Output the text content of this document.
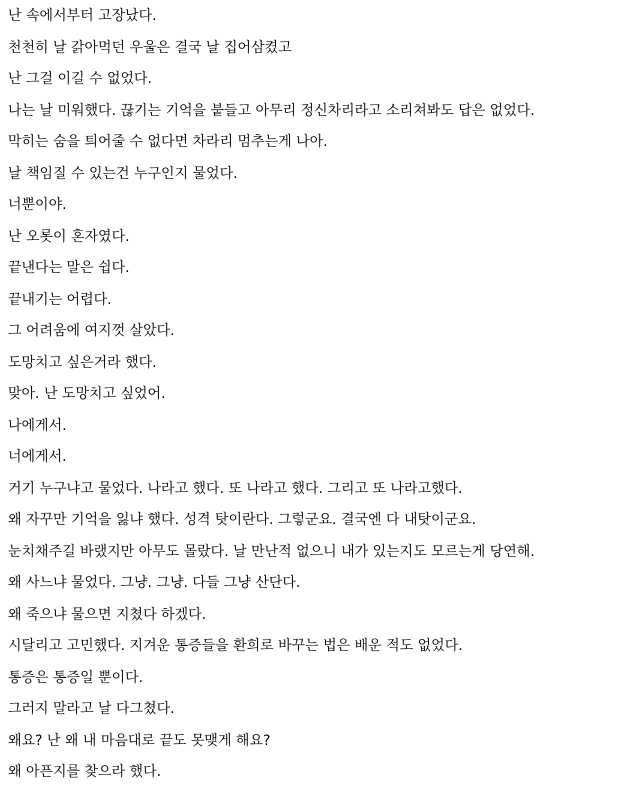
난 속에서부터 고장났다.
천천히 날 갉아먹던 우울은 결국 날 집어삼켰고
난 그걸 이길 수 없었다.
나는 날 미워했다. 끊기는 기억을 붙들고 아무리 정신차리라고 소리쳐봐도 답은 없었다.
막히는 숨을 틔어줄 수 없다면 차라리 멈추는게 나아.
날 책임질 수 있는건 누구인지 물었다.
너뿐이야.
난 오롯이 혼자였다.
끝낸다는 말은 쉽다.
끝내기는 어렵다.
그 어려움에 여지껏 살았다.
도망치고 싶은거라 했다.
맞아. 난 도망치고 싶었어.
나에게서.
너에게서.
거기 누구냐고 물었다. 나라고 했다. 또 나라고 했다. 그리고 또 나라고했다.
왜 자꾸만 기억을 잃냐 했다. 성격 탓이란다. 그렇군요. 결국엔 다 내탓이군요.
눈치채주길 바랬지만 아무도 몰랐다. 날 만난적 없으니 내가 있는지도 모르는게 당연해.
왜 사느냐 물었다. 그냥. 그냥. 다들 그냥 산단다.
왜 죽으냐 물으면 지쳤다 하겠다.
시달리고 고민했다. 지겨운 통증들을 환희로 바꾸는 법은 배운 적도 없었다.
통증은 통증일 뿐이다.
그러지 말라고 날 다그쳤다.
왜요? 난 왜 내 마음대로 끝도 못맺게 해요?
왜 아픈지를 찾으라 했다.
